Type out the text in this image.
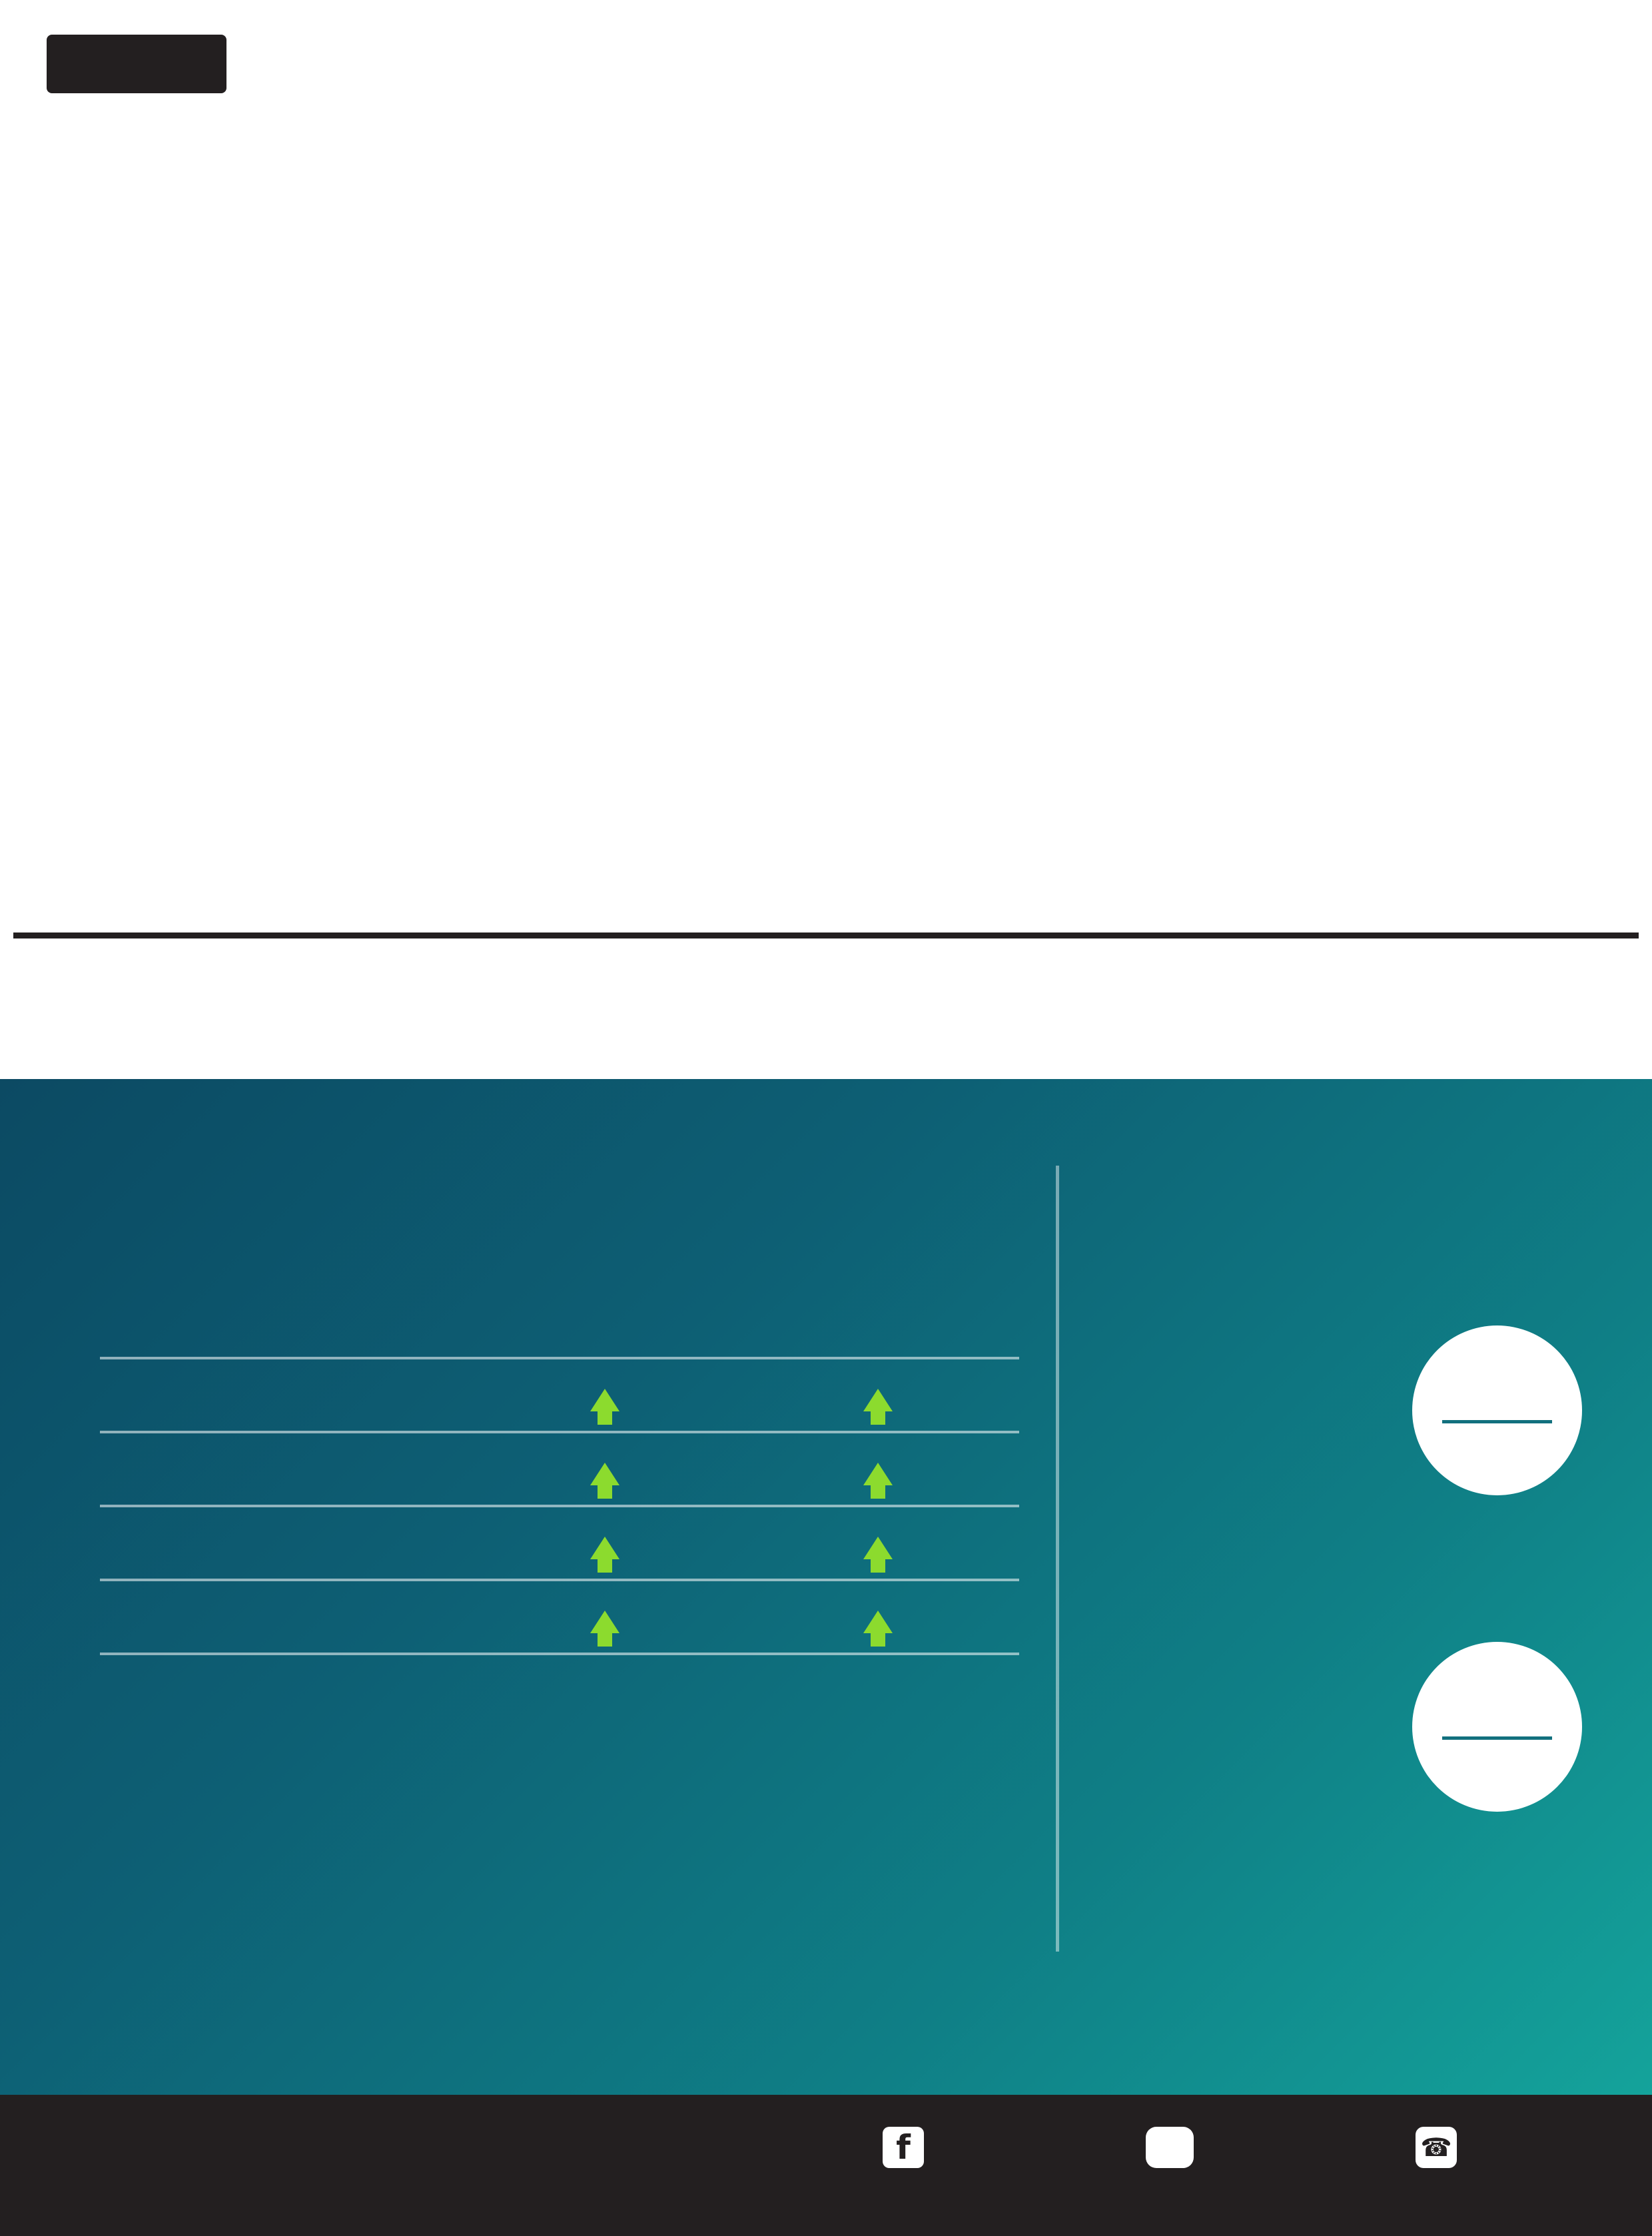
f	☎
